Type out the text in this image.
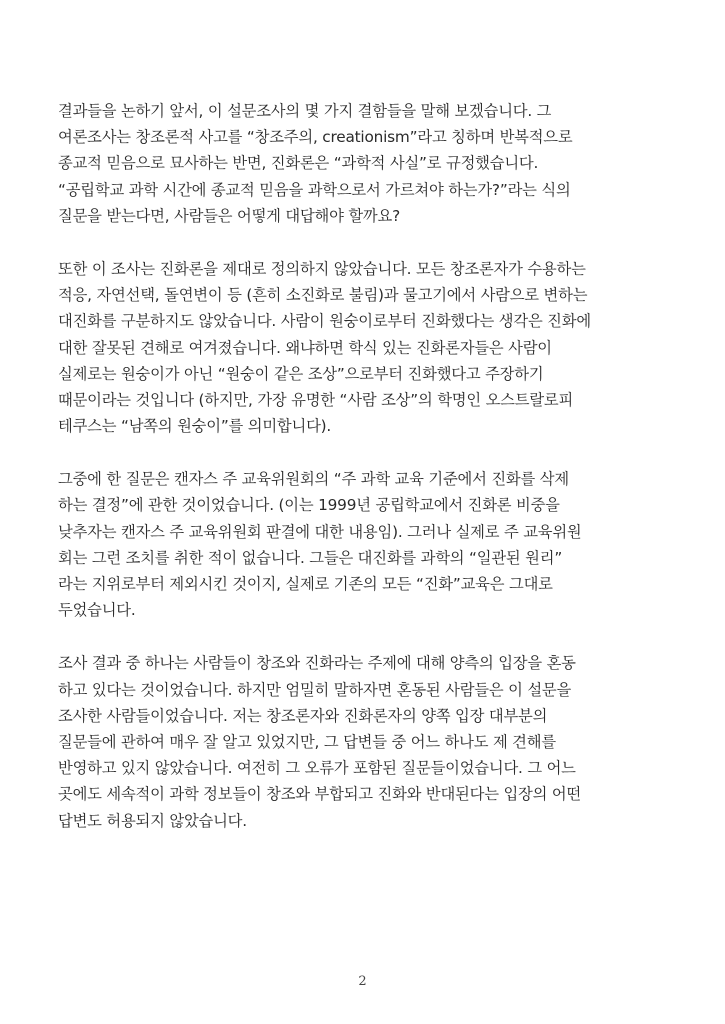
결과들을 논하기 앞서, 이 설문조사의 몇 가지 결함들을 말해 보겠습니다. 그
여론조사는 창조론적 사고를 “창조주의, creationism”라고 칭하며 반복적으로
종교적 믿음으로 묘사하는 반면, 진화론은 “과학적 사실”로 규정했습니다.
“공립학교 과학 시간에 종교적 믿음을 과학으로서 가르쳐야 하는가?”라는 식의
질문을 받는다면, 사람들은 어떻게 대답해야 할까요?
또한 이 조사는 진화론을 제대로 정의하지 않았습니다. 모든 창조론자가 수용하는
적응, 자연선택, 돌연변이 등 (흔히 소진화로 불림)과 물고기에서 사람으로 변하는
대진화를 구분하지도 않았습니다. 사람이 원숭이로부터 진화했다는 생각은 진화에
대한 잘못된 견해로 여겨졌습니다. 왜냐하면 학식 있는 진화론자들은 사람이
실제로는 원숭이가 아닌 “원숭이 같은 조상”으로부터 진화했다고 주장하기
때문이라는 것입니다 (하지만, 가장 유명한 “사람 조상”의 학명인 오스트랄로피
테쿠스는 “남쪽의 원숭이”를 의미합니다).
그중에 한 질문은 캔자스 주 교육위원회의 “주 과학 교육 기준에서 진화를 삭제
하는 결정”에 관한 것이었습니다. (이는 1999년 공립학교에서 진화론 비중을
낮추자는 캔자스 주 교육위원회 판결에 대한 내용임). 그러나 실제로 주 교육위원
회는 그런 조치를 취한 적이 없습니다. 그들은 대진화를 과학의 “일관된 원리”
라는 지위로부터 제외시킨 것이지, 실제로 기존의 모든 “진화”교육은 그대로
두었습니다.
조사 결과 중 하나는 사람들이 창조와 진화라는 주제에 대해 양측의 입장을 혼동
하고 있다는 것이었습니다. 하지만 엄밀히 말하자면 혼동된 사람들은 이 설문을
조사한 사람들이었습니다. 저는 창조론자와 진화론자의 양쪽 입장 대부분의
질문들에 관하여 매우 잘 알고 있었지만, 그 답변들 중 어느 하나도 제 견해를
반영하고 있지 않았습니다. 여전히 그 오류가 포함된 질문들이었습니다. 그 어느
곳에도 세속적이 과학 정보들이 창조와 부합되고 진화와 반대된다는 입장의 어떤
답변도 허용되지 않았습니다.
2
